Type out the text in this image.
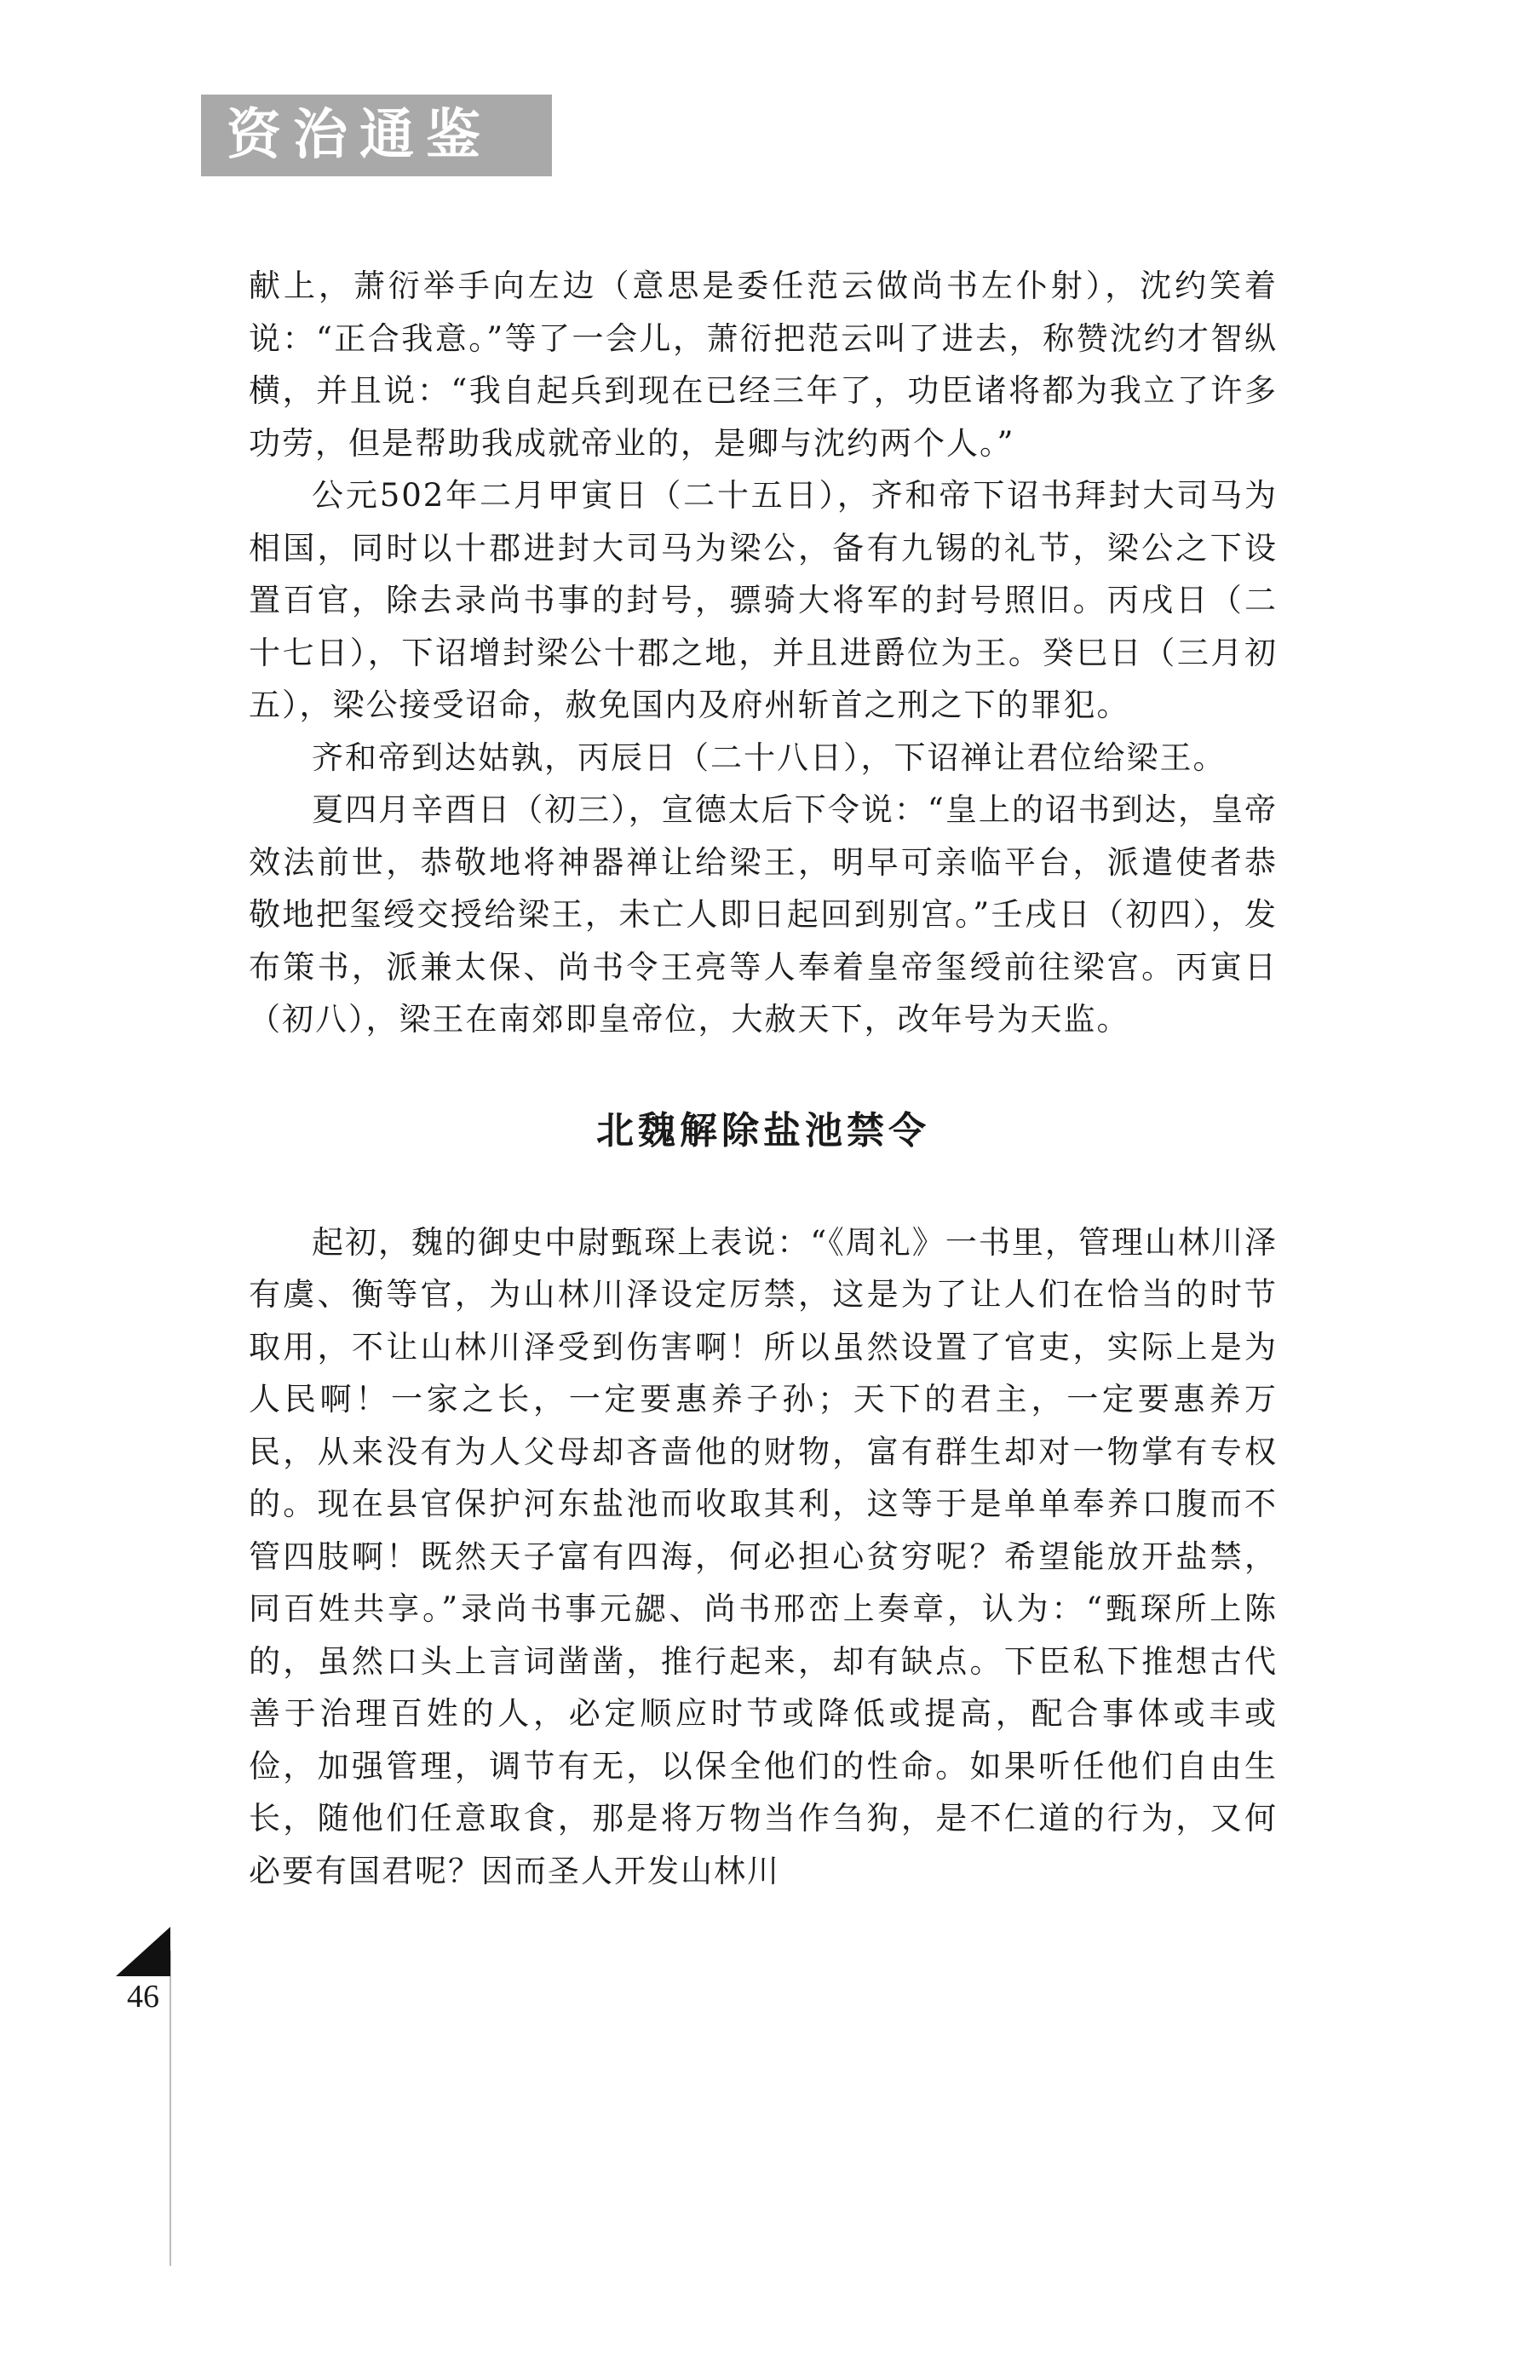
资治通鉴

献上，萧衍举手向左边（意思是委任范云做尚书左仆射），沈约笑着说：“正合我意。”等了一会儿，萧衍把范云叫了进去，称赞沈约才智纵横，并且说：“我自起兵到现在已经三年了，功臣诸将都为我立了许多功劳，但是帮助我成就帝业的，是卿与沈约两个人。”

公元502年二月甲寅日（二十五日），齐和帝下诏书拜封大司马为相国，同时以十郡进封大司马为梁公，备有九锡的礼节，梁公之下设置百官，除去录尚书事的封号，骠骑大将军的封号照旧。丙戌日（二十七日），下诏增封梁公十郡之地，并且进爵位为王。癸巳日（三月初五），梁公接受诏命，赦免国内及府州斩首之刑之下的罪犯。

齐和帝到达姑孰，丙辰日（二十八日），下诏禅让君位给梁王。

夏四月辛酉日（初三），宣德太后下令说：“皇上的诏书到达，皇帝效法前世，恭敬地将神器禅让给梁王，明早可亲临平台，派遣使者恭敬地把玺绶交授给梁王，未亡人即日起回到别宫。”壬戌日（初四），发布策书，派兼太保、尚书令王亮等人奉着皇帝玺绶前往梁宫。丙寅日（初八），梁王在南郊即皇帝位，大赦天下，改年号为天监。

北魏解除盐池禁令

起初，魏的御史中尉甄琛上表说：“《周礼》一书里，管理山林川泽有虞、衡等官，为山林川泽设定厉禁，这是为了让人们在恰当的时节取用，不让山林川泽受到伤害啊！所以虽然设置了官吏，实际上是为人民啊！一家之长，一定要惠养子孙；天下的君主，一定要惠养万民，从来没有为人父母却吝啬他的财物，富有群生却对一物掌有专权的。现在县官保护河东盐池而收取其利，这等于是单单奉养口腹而不管四肢啊！既然天子富有四海，何必担心贫穷呢？希望能放开盐禁，同百姓共享。”录尚书事元勰、尚书邢峦上奏章，认为：“甄琛所上陈的，虽然口头上言词凿凿，推行起来，却有缺点。下臣私下推想古代善于治理百姓的人，必定顺应时节或降低或提高，配合事体或丰或俭，加强管理，调节有无，以保全他们的性命。如果听任他们自由生长，随他们任意取食，那是将万物当作刍狗，是不仁道的行为，又何必要有国君呢？因而圣人开发山林川

46
